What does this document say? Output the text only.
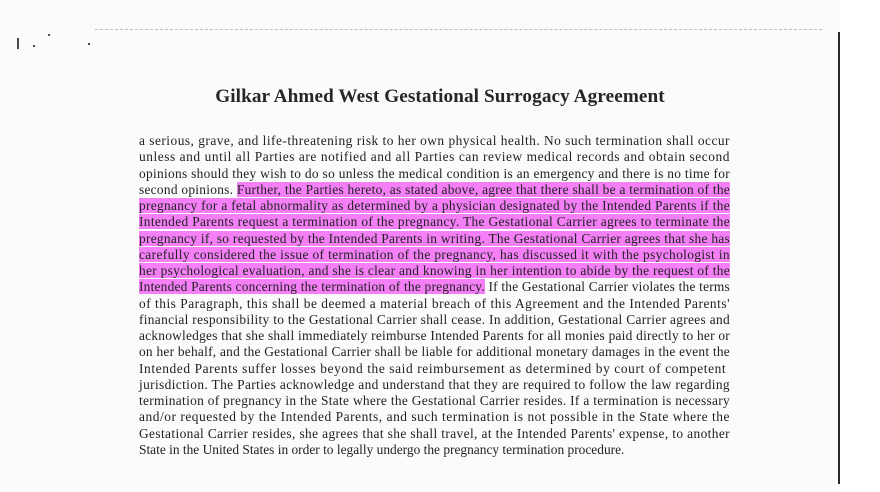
Gilkar Ahmed West Gestational Surrogacy Agreement
a serious, grave, and life-threatening risk to her own physical health. No such termination shall occur
unless and until all Parties are notified and all Parties can review medical records and obtain second
opinions should they wish to do so unless the medical condition is an emergency and there is no time for
second opinions. Further, the Parties hereto, as stated above, agree that there shall be a termination of the
pregnancy for a fetal abnormality as determined by a physician designated by the Intended Parents if the
Intended Parents request a termination of the pregnancy. The Gestational Carrier agrees to terminate the
pregnancy if, so requested by the Intended Parents in writing. The Gestational Carrier agrees that she has
carefully considered the issue of termination of the pregnancy, has discussed it with the psychologist in
her psychological evaluation, and she is clear and knowing in her intention to abide by the request of the
Intended Parents concerning the termination of the pregnancy. If the Gestational Carrier violates the terms
of this Paragraph, this shall be deemed a material breach of this Agreement and the Intended Parents'
financial responsibility to the Gestational Carrier shall cease. In addition, Gestational Carrier agrees and
acknowledges that she shall immediately reimburse Intended Parents for all monies paid directly to her or
on her behalf, and the Gestational Carrier shall be liable for additional monetary damages in the event the
Intended Parents suffer losses beyond the said reimbursement as determined by court of competent
jurisdiction. The Parties acknowledge and understand that they are required to follow the law regarding
termination of pregnancy in the State where the Gestational Carrier resides. If a termination is necessary
and/or requested by the Intended Parents, and such termination is not possible in the State where the
Gestational Carrier resides, she agrees that she shall travel, at the Intended Parents' expense, to another
State in the United States in order to legally undergo the pregnancy termination procedure.
